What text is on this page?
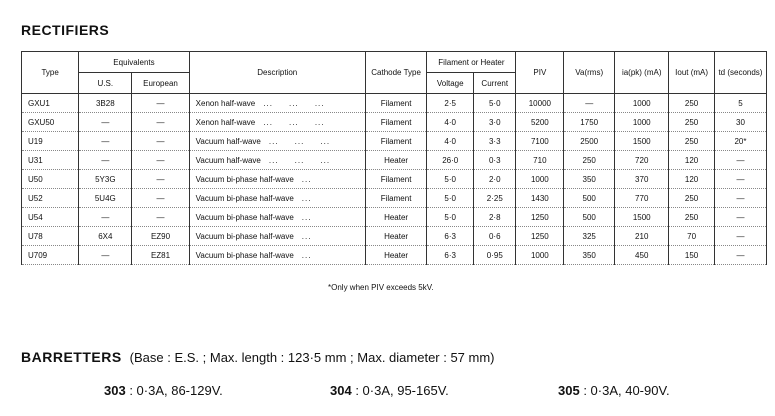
RECTIFIERS
Type	Equivalents		Description	Cathode Type	Filament or Heater		PIV	Va(rms)	ia(pk) (mA)	Iout (mA)	td (seconds)
	U.S.	European			Voltage	Current					
GXU1	3B28	—	Xenon half-wave ...     ...     ...	Filament	2·5	5·0	10000	—	1000	250	5
GXU50	—	—	Xenon half-wave ...     ...     ...	Filament	4·0	3·0	5200	1750	1000	250	30
U19	—	—	Vacuum half-wave ...     ...     ...	Filament	4·0	3·3	7100	2500	1500	250	20*
U31	—	—	Vacuum half-wave ...     ...     ...	Heater	26·0	0·3	710	250	720	120	—
U50	5Y3G	—	Vacuum bi-phase half-wave ...	Filament	5·0	2·0	1000	350	370	120	—
U52	5U4G	—	Vacuum bi-phase half-wave ...	Filament	5·0	2·25	1430	500	770	250	—
U54	—	—	Vacuum bi-phase half-wave ...	Heater	5·0	2·8	1250	500	1500	250	—
U78	6X4	EZ90	Vacuum bi-phase half-wave ...	Heater	6·3	0·6	1250	325	210	70	—
U709	—	EZ81	Vacuum bi-phase half-wave ...	Heater	6·3	0·95	1000	350	450	150	—
*Only when PIV exceeds 5kV.
BARRETTERS (Base : E.S. ; Max. length : 123·5 mm ; Max. diameter : 57 mm)
303 : 0·3A, 86-129V.	304 : 0·3A, 95-165V.	305 : 0·3A, 40-90V.
